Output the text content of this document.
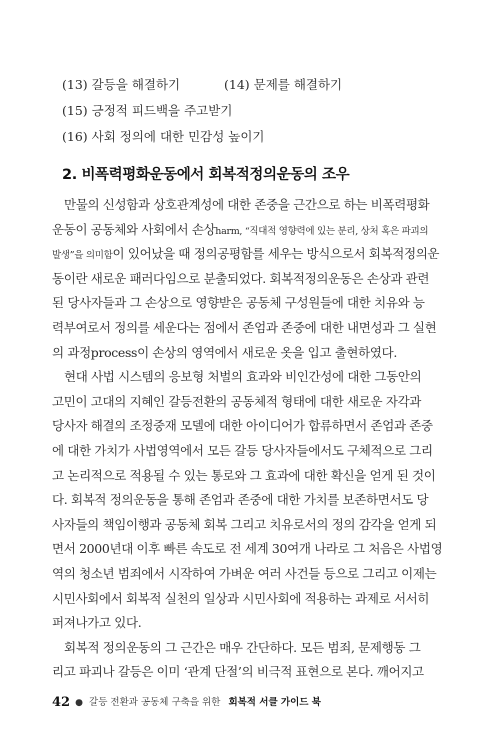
(13) 갈등을 해결하기	(14) 문제를 해결하기
(15) 긍정적 피드백을 주고받기
(16) 사회 정의에 대한 민감성 높이기
2. 비폭력평화운동에서 회복적정의운동의 조우
만물의 신성함과 상호관계성에 대한 존중을 근간으로 하는 비폭력평화
운동이 공동체와 사회에서 손상harm, “직대적 영향력에 있는 분리, 상처 혹은 파괴의
발생”을 의미함이 있어났을 때 정의공평함를 세우는 방식으로서 회복적정의운
동이란 새로운 패러다임으로 분출되었다. 회복적정의운동은 손상과 관련
된 당사자들과 그 손상으로 영향받은 공동체 구성원들에 대한 치유와 능
력부여로서 정의를 세운다는 점에서 존엄과 존중에 대한 내면성과 그 실현
의 과정process이 손상의 영역에서 새로운 옷을 입고 출현하였다.
현대 사법 시스템의 응보형 처벌의 효과와 비인간성에 대한 그동안의
고민이 고대의 지혜인 갈등전환의 공동체적 형태에 대한 새로운 자각과
당사자 해결의 조정중재 모델에 대한 아이디어가 합류하면서 존엄과 존중
에 대한 가치가 사법영역에서 모든 갈등 당사자들에서도 구체적으로 그리
고 논리적으로 적용될 수 있는 통로와 그 효과에 대한 확신을 얻게 된 것이
다. 회복적 정의운동을 통해 존엄과 존중에 대한 가치를 보존하면서도 당
사자들의 책임이행과 공동체 회복 그리고 치유로서의 정의 감각을 얻게 되
면서 2000년대 이후 빠른 속도로 전 세계 30여개 나라로 그 처음은 사법영
역의 청소년 범죄에서 시작하여 가벼운 여러 사건들 등으로 그리고 이제는
시민사회에서 회복적 실천의 일상과 시민사회에 적용하는 과제로 서서히
퍼져나가고 있다.
회복적 정의운동의 그 근간은 매우 간단하다. 모든 범죄, 문제행동 그
리고 파괴나 갈등은 이미 ‘관계 단절’의 비극적 표현으로 본다. 깨어지고
42 ● 갈등 전환과 공동체 구축을 위한 회복적 서클 가이드 북
